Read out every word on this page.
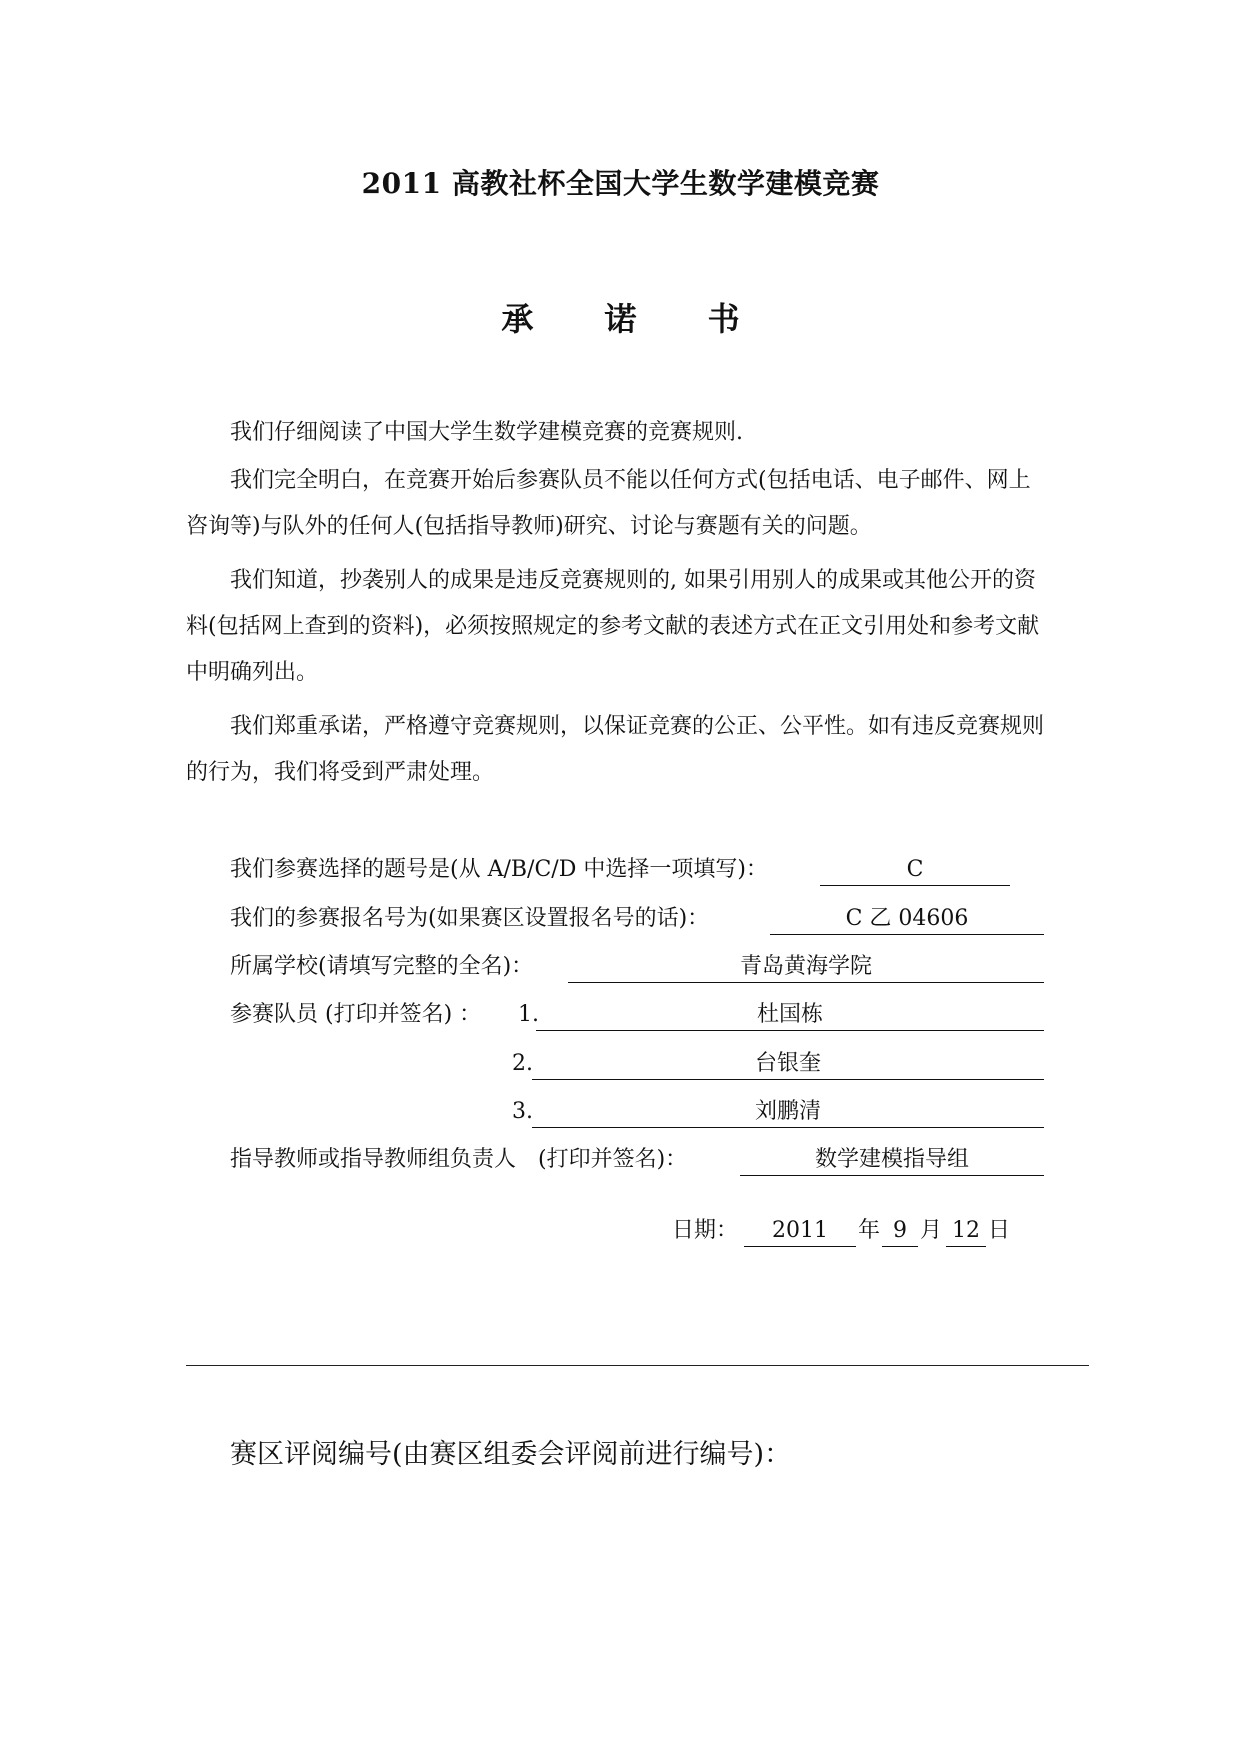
2011 高教社杯全国大学生数学建模竞赛
承 诺 书
我们仔细阅读了中国大学生数学建模竞赛的竞赛规则.
我们完全明白，在竞赛开始后参赛队员不能以任何方式(包括电话、电子邮件、网上咨询等)与队外的任何人(包括指导教师)研究、讨论与赛题有关的问题。
我们知道，抄袭别人的成果是违反竞赛规则的, 如果引用别人的成果或其他公开的资料(包括网上查到的资料)，必须按照规定的参考文献的表述方式在正文引用处和参考文献中明确列出。
我们郑重承诺，严格遵守竞赛规则，以保证竞赛的公正、公平性。如有违反竞赛规则的行为，我们将受到严肃处理。
我们参赛选择的题号是(从 A/B/C/D 中选择一项填写)：	C
我们的参赛报名号为(如果赛区设置报名号的话)：	C 乙 04606
所属学校(请填写完整的全名)：	青岛黄海学院
参赛队员 (打印并签名) ： 1.	杜国栋
2.	台银奎
3.	刘鹏清
指导教师或指导教师组负责人　(打印并签名)：	数学建模指导组
日期：	2011	年 9 月 12 日
赛区评阅编号(由赛区组委会评阅前进行编号)：
